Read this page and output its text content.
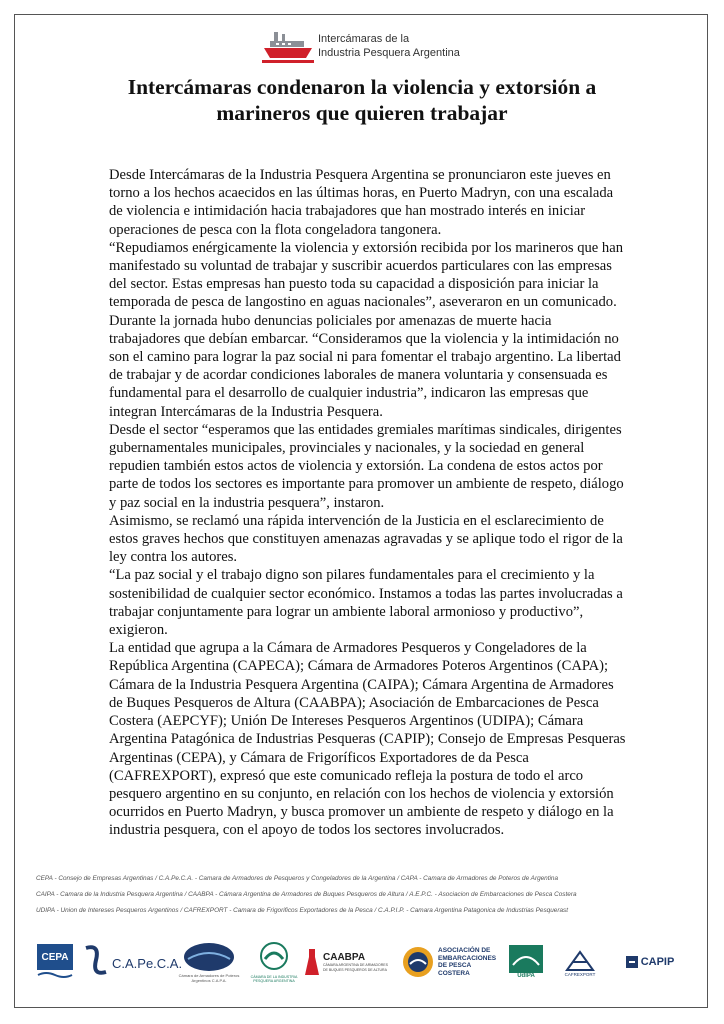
Intercámaras de la
Industria Pesquera Argentina
Intercámaras condenaron la violencia y extorsión a
marineros que quieren trabajar

Desde Intercámaras de la Industria Pesquera Argentina se pronunciaron este jueves en

torno a los hechos acaecidos en las últimas horas, en Puerto Madryn, con una escalada

de violencia e intimidación hacia trabajadores que han mostrado interés en iniciar

operaciones de pesca con la flota congeladora tangonera.

“Repudiamos enérgicamente la violencia y extorsión recibida por los marineros que han

manifestado su voluntad de trabajar y suscribir acuerdos particulares con las empresas

del sector. Estas empresas han puesto toda su capacidad a disposición para iniciar la

temporada de pesca de langostino en aguas nacionales”, aseveraron en un comunicado.

Durante la jornada hubo denuncias policiales por amenazas de muerte hacia

trabajadores que debían embarcar. “Consideramos que la violencia y la intimidación no

son el camino para lograr la paz social ni para fomentar el trabajo argentino. La libertad

de trabajar y de acordar condiciones laborales de manera voluntaria y consensuada es

fundamental para el desarrollo de cualquier industria”, indicaron las empresas que

integran Intercámaras de la Industria Pesquera.

Desde el sector “esperamos que las entidades gremiales marítimas sindicales, dirigentes

gubernamentales municipales, provinciales y nacionales, y la sociedad en general

repudien también estos actos de violencia y extorsión. La condena de estos actos por

parte de todos los sectores es importante para promover un ambiente de respeto, diálogo

y paz social en la industria pesquera”, instaron.

Asimismo, se reclamó una rápida intervención de la Justicia en el esclarecimiento de

estos graves hechos que constituyen amenazas agravadas y se aplique todo el rigor de la

ley contra los autores.

“La paz social y el trabajo digno son pilares fundamentales para el crecimiento y la

sostenibilidad de cualquier sector económico. Instamos a todas las partes involucradas a

trabajar conjuntamente para lograr un ambiente laboral armonioso y productivo”,

exigieron.

La entidad que agrupa a la Cámara de Armadores Pesqueros y Congeladores de la

República Argentina (CAPECA); Cámara de Armadores Poteros Argentinos (CAPA);

Cámara de la Industria Pesquera Argentina (CAIPA); Cámara Argentina de Armadores

de Buques Pesqueros de Altura (CAABPA); Asociación de Embarcaciones de Pesca

Costera (AEPCYF); Unión De Intereses Pesqueros Argentinos (UDIPA); Cámara

Argentina Patagónica de Industrias Pesqueras (CAPIP); Consejo de Empresas Pesqueras

Argentinas (CEPA), y Cámara de Frigoríficos Exportadores de da Pesca

(CAFREXPORT), expresó que este comunicado refleja la postura de todo el arco

pesquero argentino en su conjunto, en relación con los hechos de violencia y extorsión

ocurridos en Puerto Madryn, y busca promover un ambiente de respeto y diálogo en la

industria pesquera, con el apoyo de todos los sectores involucrados.

CEPA - Consejo de Empresas Argentinas / C.A.Pe.C.A. - Camara de Armadores de Pesqueros y Congeladores de la Argentina / CAPA - Camara de Armadores de Poteros de Argentina
CAIPA - Camara de la Industria Pesquera Argentina / CAABPA - Cámara Argentina de Armadores de Buques Pesqueros de Altura / A.E.P.C. - Asociacion de Embarcaciones de Pesca Costera
UDIPA - Union de Intereses Pesqueros Argentinos / CAFREXPORT - Camara de Frigorificos Exportadores de la Pesca / C.A.P.I.P. - Camara Argentina Patagonica de Industrias Pesquerast
CEPA	C.A.Pe.C.A.
Cámara de Armadores de Poteros Argentinos C.A.P.A.
CÁMARA DE LA INDUSTRIA PESQUERA ARGENTINA
CAABPA
CÁMARA ARGENTINA DE ARMADORES DE BUQUES PESQUEROS DE ALTURA
ASOCIACIÓN DE
EMBARCACIONES
DE PESCA COSTERA	UdIPA	CAFREXPORT
CAPIP
